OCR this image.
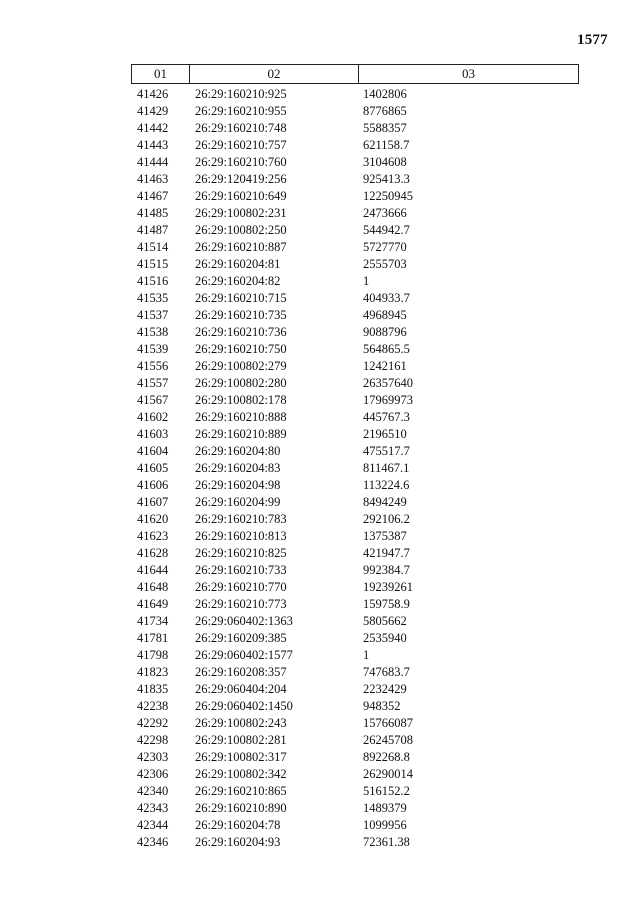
1577
01	02	03
41426 26:29:160210:925	1402806
41429 26:29:160210:955	8776865
41442 26:29:160210:748	5588357
41443 26:29:160210:757	621158.7
41444 26:29:160210:760	3104608
41463 26:29:120419:256	925413.3
41467 26:29:160210:649	12250945
41485 26:29:100802:231	2473666
41487 26:29:100802:250	544942.7
41514 26:29:160210:887	5727770
41515 26:29:160204:81	2555703
41516 26:29:160204:82	1
41535 26:29:160210:715	404933.7
41537 26:29:160210:735	4968945
41538 26:29:160210:736	9088796
41539 26:29:160210:750	564865.5
41556 26:29:100802:279	1242161
41557 26:29:100802:280	26357640
41567 26:29:100802:178	17969973
41602 26:29:160210:888	445767.3
41603 26:29:160210:889	2196510
41604 26:29:160204:80	475517.7
41605 26:29:160204:83	811467.1
41606 26:29:160204:98	113224.6
41607 26:29:160204:99	8494249
41620 26:29:160210:783	292106.2
41623 26:29:160210:813	1375387
41628 26:29:160210:825	421947.7
41644 26:29:160210:733	992384.7
41648 26:29:160210:770	19239261
41649 26:29:160210:773	159758.9
41734 26:29:060402:1363	5805662
41781 26:29:160209:385	2535940
41798 26:29:060402:1577	1
41823 26:29:160208:357	747683.7
41835 26:29:060404:204	2232429
42238 26:29:060402:1450	948352
42292 26:29:100802:243	15766087
42298 26:29:100802:281	26245708
42303 26:29:100802:317	892268.8
42306 26:29:100802:342	26290014
42340 26:29:160210:865	516152.2
42343 26:29:160210:890	1489379
42344 26:29:160204:78	1099956
42346 26:29:160204:93	72361.38
